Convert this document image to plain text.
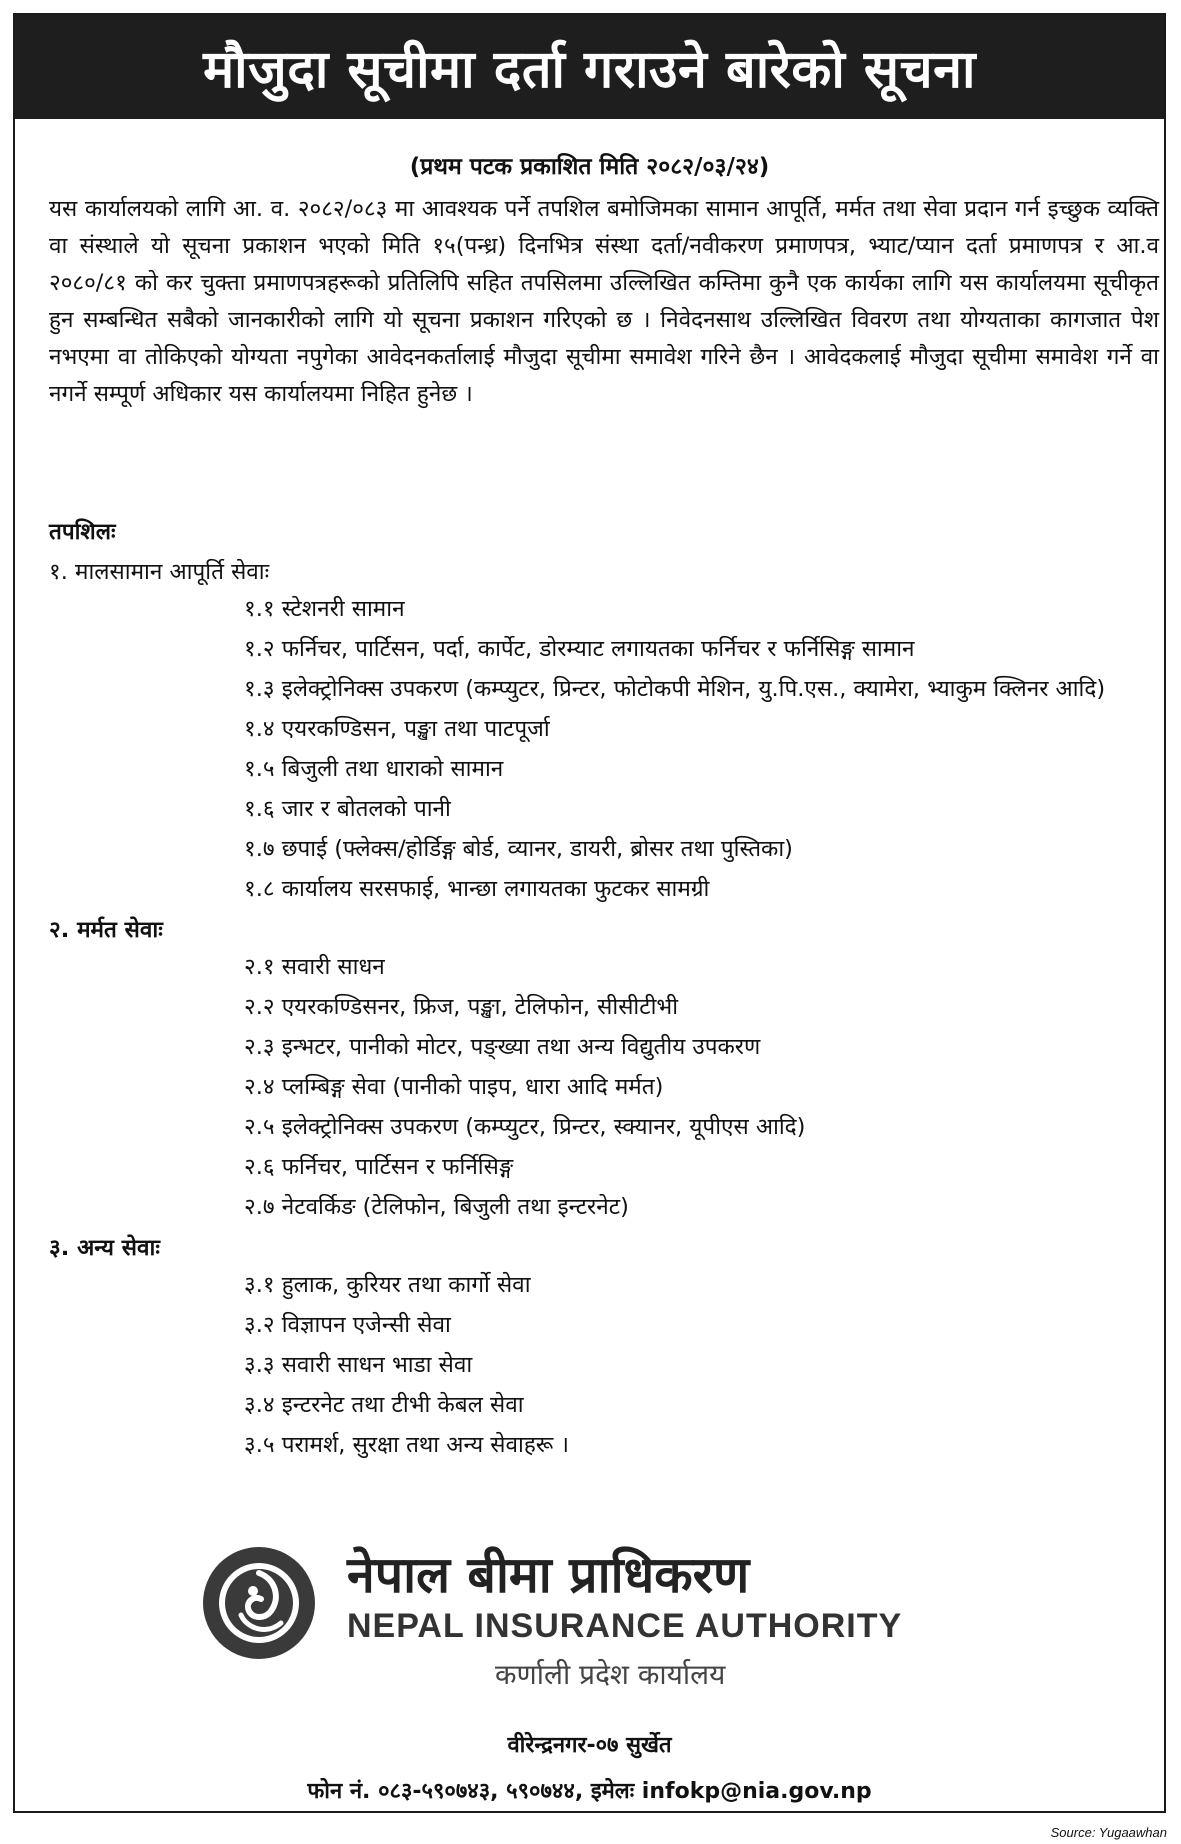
मौजुदा सूचीमा दर्ता गराउने बारेको सूचना
(प्रथम पटक प्रकाशित मिति २०८२/०३/२४)
यस कार्यालयको लागि आ. व. २०८२/०८३ मा आवश्यक पर्ने तपशिल बमोजिमका सामान आपूर्ति, मर्मत तथा सेवा प्रदान गर्न इच्छुक व्यक्ति वा संस्थाले यो सूचना प्रकाशन भएको मिति १५(पन्ध्र) दिनभित्र संस्था दर्ता/नवीकरण प्रमाणपत्र, भ्याट/प्यान दर्ता प्रमाणपत्र र आ.व २०८०/८१ को कर चुक्ता प्रमाणपत्रहरूको प्रतिलिपि सहित तपसिलमा उल्लिखित कम्तिमा कुनै एक कार्यका लागि यस कार्यालयमा सूचीकृत हुन सम्बन्धित सबैको जानकारीको लागि यो सूचना प्रकाशन गरिएको छ । निवेदनसाथ उल्लिखित विवरण तथा योग्यताका कागजात पेश नभएमा वा तोकिएको योग्यता नपुगेका आवेदनकर्तालाई मौजुदा सूचीमा समावेश गरिने छैन । आवेदकलाई मौजुदा सूचीमा समावेश गर्ने वा नगर्ने सम्पूर्ण अधिकार यस कार्यालयमा निहित हुनेछ ।
तपशिलः
१. मालसामान आपूर्ति सेवाः
१.१ स्टेशनरी सामान
१.२ फर्निचर, पार्टिसन, पर्दा, कार्पेट, डोरम्याट लगायतका फर्निचर र फर्निसिङ्ग सामान
१.३ इलेक्ट्रोनिक्स उपकरण (कम्प्युटर, प्रिन्टर, फोटोकपी मेशिन, यु.पि.एस., क्यामेरा, भ्याकुम क्लिनर आदि)
१.४ एयरकण्डिसन, पङ्खा तथा पाटपूर्जा
१.५ बिजुली तथा धाराको सामान
१.६ जार र बोतलको पानी
१.७ छपाई (फ्लेक्स/होर्डिङ्ग बोर्ड, व्यानर, डायरी, ब्रोसर तथा पुस्तिका)
१.८ कार्यालय सरसफाई, भान्छा लगायतका फुटकर सामग्री
२. मर्मत सेवाः
२.१ सवारी साधन
२.२ एयरकण्डिसनर, फ्रिज, पङ्खा, टेलिफोन, सीसीटीभी
२.३ इन्भटर, पानीको मोटर, पङ्ख्या तथा अन्य विद्युतीय उपकरण
२.४ प्लम्बिङ्ग सेवा (पानीको पाइप, धारा आदि मर्मत)
२.५ इलेक्ट्रोनिक्स उपकरण (कम्प्युटर, प्रिन्टर, स्क्यानर, यूपीएस आदि)
२.६ फर्निचर, पार्टिसन र फर्निसिङ्ग
२.७ नेटवर्किङ (टेलिफोन, बिजुली तथा इन्टरनेट)
३. अन्य सेवाः
३.१ हुलाक, कुरियर तथा कार्गो सेवा
३.२ विज्ञापन एजेन्सी सेवा
३.३ सवारी साधन भाडा सेवा
३.४ इन्टरनेट तथा टीभी केबल सेवा
३.५ परामर्श, सुरक्षा तथा अन्य सेवाहरू ।
नेपाल बीमा प्राधिकरण
NEPAL INSURANCE AUTHORITY
कर्णाली प्रदेश कार्यालय
वीरेन्द्रनगर-०७ सुर्खेत
फोन नं. ०८३-५९०७४३, ५९०७४४, इमेलः infokp@nia.gov.np
Source: Yugaawhan
